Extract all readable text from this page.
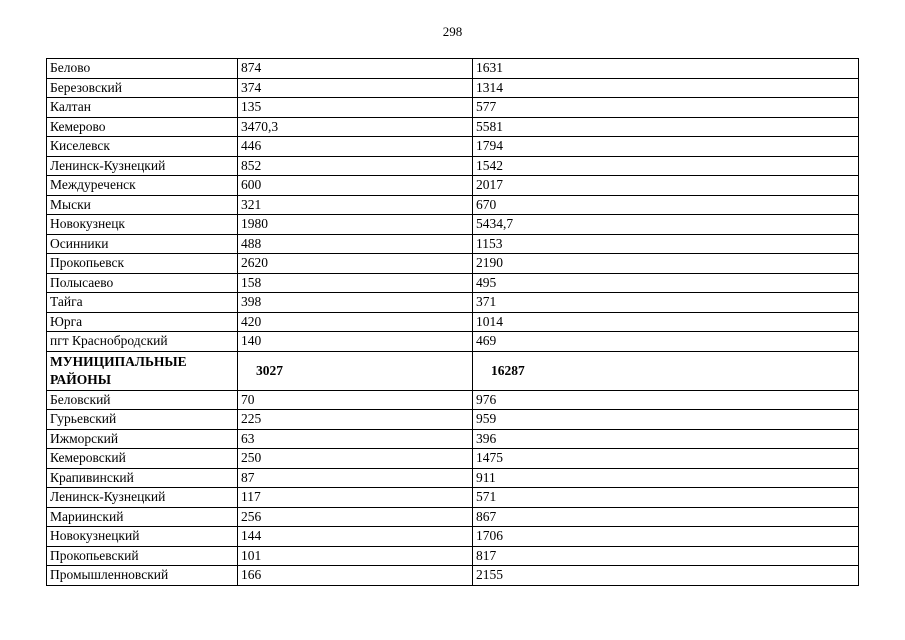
298
Белово	874	1631
Березовский	374	1314
Калтан	135	577
Кемерово	3470,3	5581
Киселевск	446	1794
Ленинск-Кузнецкий	852	1542
Междуреченск	600	2017
Мыски	321	670
Новокузнецк	1980	5434,7
Осинники	488	1153
Прокопьевск	2620	2190
Полысаево	158	495
Тайга	398	371
Юрга	420	1014
пгт Краснобродский	140	469
МУНИЦИПАЛЬНЫЕ РАЙОНЫ	3027	16287
Беловский	70	976
Гурьевский	225	959
Ижморский	63	396
Кемеровский	250	1475
Крапивинский	87	911
Ленинск-Кузнецкий	117	571
Мариинский	256	867
Новокузнецкий	144	1706
Прокопьевский	101	817
Промышленновский	166	2155
